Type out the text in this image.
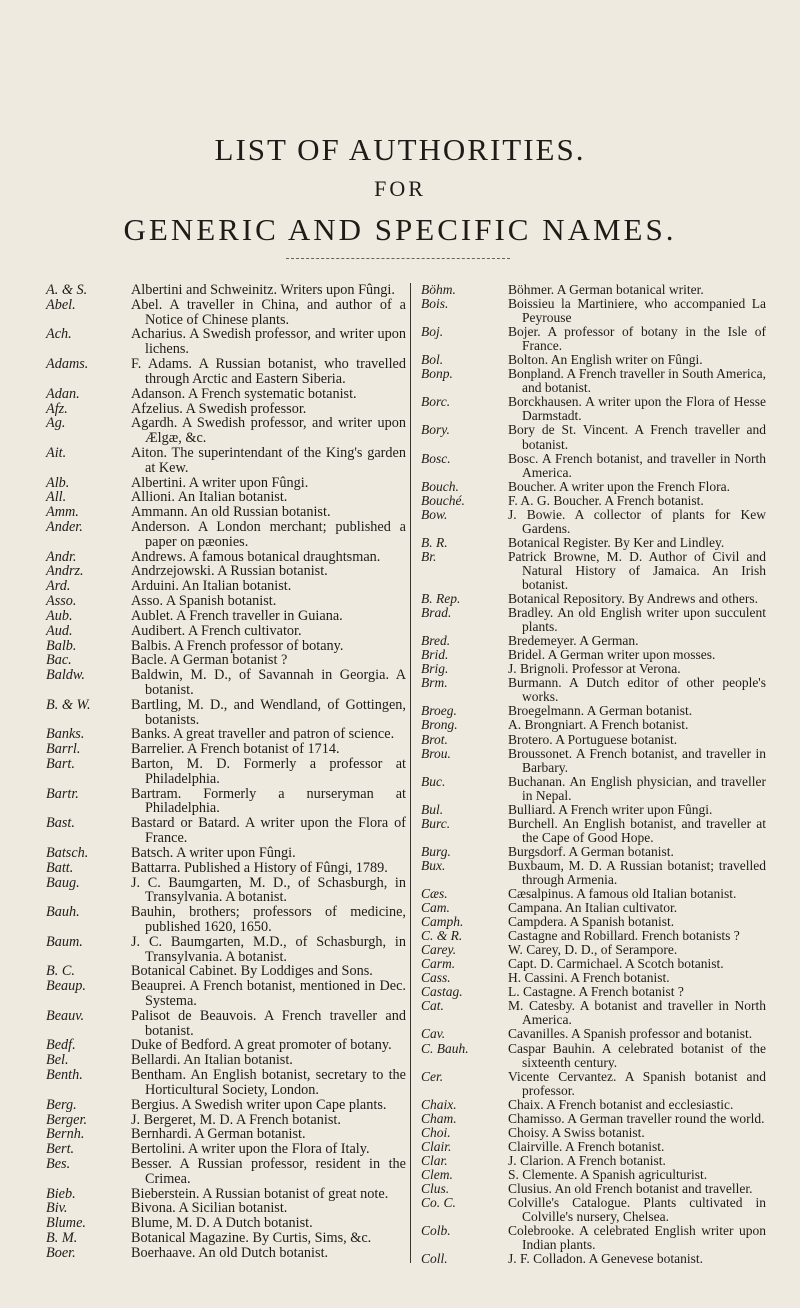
LIST OF AUTHORITIES.
FOR
GENERIC AND SPECIFIC NAMES.
A. & S.
Abel.
Ach.
Adams.
Adan.
Afz.
Ag.
Ait.
Alb.
All.
Amm.
Ander.
Andr.
Andrz.
Ard.
Asso.
Aub.
Aud.
Balb.
Bac.
Baldw.
B. & W.
Banks.
Barrl.
Bart.
Bartr.
Bast.
Batsch.
Batt.
Baug.
Bauh.
Baum.
B. C.
Beaup.
Beauv.
Bedf.
Bel.
Benth.
Berg.
Berger.
Bernh.
Bert.
Bes.
Bieb.
Biv.
Blume.
B. M.
Boer.
Albertini and Schweinitz. Writers upon Fûngi.
Abel. A traveller in China, and author of a Notice of Chinese plants.
Acharius. A Swedish professor, and writer upon lichens.
F. Adams. A Russian botanist, who travelled through Arctic and Eastern Siberia.
Adanson. A French systematic botanist.
Afzelius. A Swedish professor.
Agardh. A Swedish professor, and writer upon Ælgæ, &c.
Aiton. The superintendant of the King's garden at Kew.
Albertini. A writer upon Fûngi.
Allioni. An Italian botanist.
Ammann. An old Russian botanist.
Anderson. A London merchant; published a paper on pæonies.
Andrews. A famous botanical draughtsman.
Andrzejowski. A Russian botanist.
Arduini. An Italian botanist.
Asso. A Spanish botanist.
Aublet. A French traveller in Guiana.
Audibert. A French cultivator.
Balbis. A French professor of botany.
Bacle. A German botanist ?
Baldwin, M. D., of Savannah in Georgia. A botanist.
Bartling, M. D., and Wendland, of Gottingen, botanists.
Banks. A great traveller and patron of science.
Barrelier. A French botanist of 1714.
Barton, M. D. Formerly a professor at Philadelphia.
Bartram. Formerly a nurseryman at Philadelphia.
Bastard or Batard. A writer upon the Flora of France.
Batsch. A writer upon Fûngi.
Battarra. Published a History of Fûngi, 1789.
J. C. Baumgarten, M. D., of Schasburgh, in Transylvania. A botanist.
Bauhin, brothers; professors of medicine, published 1620, 1650.
J. C. Baumgarten, M.D., of Schasburgh, in Transylvania. A botanist.
Botanical Cabinet. By Loddiges and Sons.
Beauprei. A French botanist, mentioned in Dec. Systema.
Palisot de Beauvois. A French traveller and botanist.
Duke of Bedford. A great promoter of botany.
Bellardi. An Italian botanist.
Bentham. An English botanist, secretary to the Horticultural Society, London.
Bergius. A Swedish writer upon Cape plants.
J. Bergeret, M. D. A French botanist.
Bernhardi. A German botanist.
Bertolini. A writer upon the Flora of Italy.
Besser. A Russian professor, resident in the Crimea.
Bieberstein. A Russian botanist of great note.
Bivona. A Sicilian botanist.
Blume, M. D. A Dutch botanist.
Botanical Magazine. By Curtis, Sims, &c.
Boerhaave. An old Dutch botanist.
Böhm.
Bois.
Boj.
Bol.
Bonp.
Borc.
Bory.
Bosc.
Bouch.
Bouché.
Bow.
B. R.
Br.
B. Rep.
Brad.
Bred.
Brid.
Brig.
Brm.
Broeg.
Brong.
Brot.
Brou.
Buc.
Bul.
Burc.
Burg.
Bux.
Cæs.
Cam.
Camph.
C. & R.
Carey.
Carm.
Cass.
Castag.
Cat.
Cav.
C. Bauh.
Cer.
Chaix.
Cham.
Choi.
Clair.
Clar.
Clem.
Clus.
Co. C.
Colb.
Coll.
Böhmer. A German botanical writer.
Boissieu la Martiniere, who accompanied La Peyrouse
Bojer. A professor of botany in the Isle of France.
Bolton. An English writer on Fûngi.
Bonpland. A French traveller in South America, and botanist.
Borckhausen. A writer upon the Flora of Hesse Darmstadt.
Bory de St. Vincent. A French traveller and botanist.
Bosc. A French botanist, and traveller in North America.
Boucher. A writer upon the French Flora.
F. A. G. Boucher. A French botanist.
J. Bowie. A collector of plants for Kew Gardens.
Botanical Register. By Ker and Lindley.
Patrick Browne, M. D. Author of Civil and Natural History of Jamaica. An Irish botanist.
Botanical Repository. By Andrews and others.
Bradley. An old English writer upon succulent plants.
Bredemeyer. A German.
Bridel. A German writer upon mosses.
J. Brignoli. Professor at Verona.
Burmann. A Dutch editor of other people's works.
Broegelmann. A German botanist.
A. Brongniart. A French botanist.
Brotero. A Portuguese botanist.
Broussonet. A French botanist, and traveller in Barbary.
Buchanan. An English physician, and traveller in Nepal.
Bulliard. A French writer upon Fûngi.
Burchell. An English botanist, and traveller at the Cape of Good Hope.
Burgsdorf. A German botanist.
Buxbaum, M. D. A Russian botanist; travelled through Armenia.
Cæsalpinus. A famous old Italian botanist.
Campana. An Italian cultivator.
Campdera. A Spanish botanist.
Castagne and Robillard. French botanists ?
W. Carey, D. D., of Serampore.
Capt. D. Carmichael. A Scotch botanist.
H. Cassini. A French botanist.
L. Castagne. A French botanist ?
M. Catesby. A botanist and traveller in North America.
Cavanilles. A Spanish professor and botanist.
Caspar Bauhin. A celebrated botanist of the sixteenth century.
Vicente Cervantez. A Spanish botanist and professor.
Chaix. A French botanist and ecclesiastic.
Chamisso. A German traveller round the world.
Choisy. A Swiss botanist.
Clairville. A French botanist.
J. Clarion. A French botanist.
S. Clemente. A Spanish agriculturist.
Clusius. An old French botanist and traveller.
Colville's Catalogue. Plants cultivated in Colville's nursery, Chelsea.
Colebrooke. A celebrated English writer upon Indian plants.
J. F. Colladon. A Genevese botanist.
